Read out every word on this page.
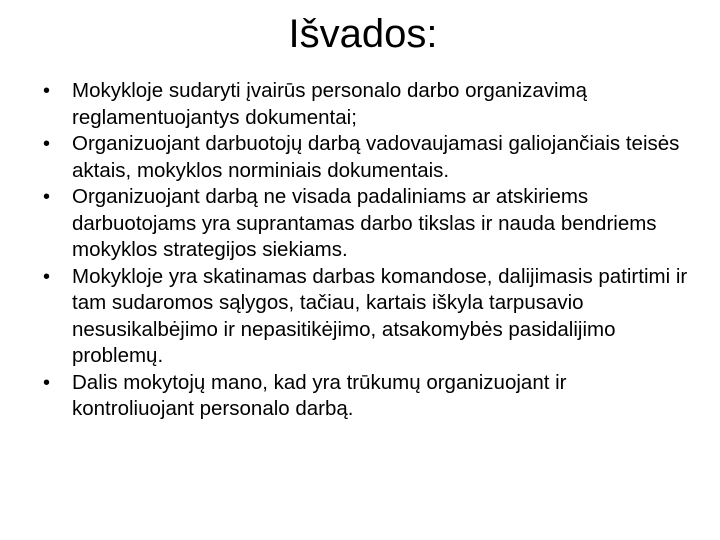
Išvados:
•	Mokykloje sudaryti įvairūs personalo darbo organizavimą reglamentuojantys dokumentai;
•	Organizuojant darbuotojų darbą vadovaujamasi galiojančiais teisės aktais, mokyklos norminiais dokumentais.
•	Organizuojant darbą ne visada padaliniams ar atskiriems darbuotojams yra suprantamas darbo tikslas ir nauda bendriems mokyklos strategijos siekiams.
•	Mokykloje yra skatinamas darbas komandose, dalijimasis patirtimi ir tam sudaromos sąlygos, tačiau, kartais iškyla tarpusavio nesusikalbėjimo ir nepasitikėjimo, atsakomybės pasidalijimo problemų.
•	Dalis mokytojų mano, kad yra trūkumų organizuojant ir kontroliuojant personalo darbą.
